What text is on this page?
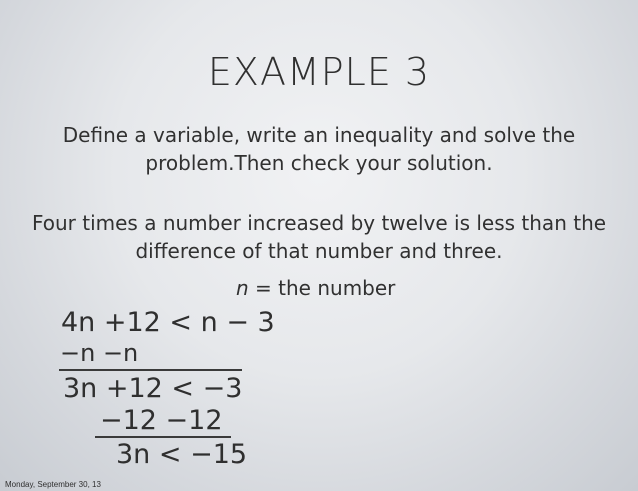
EXAMPLE 3
Define a variable, write an inequality and solve the problem.Then check your solution.
Four times a number increased by twelve is less than the difference of that number and three.
n = the number
4n +12 < n − 3
−n −n
3n +12 < −3
−12 −12
3n < −15
Monday, September 30, 13
